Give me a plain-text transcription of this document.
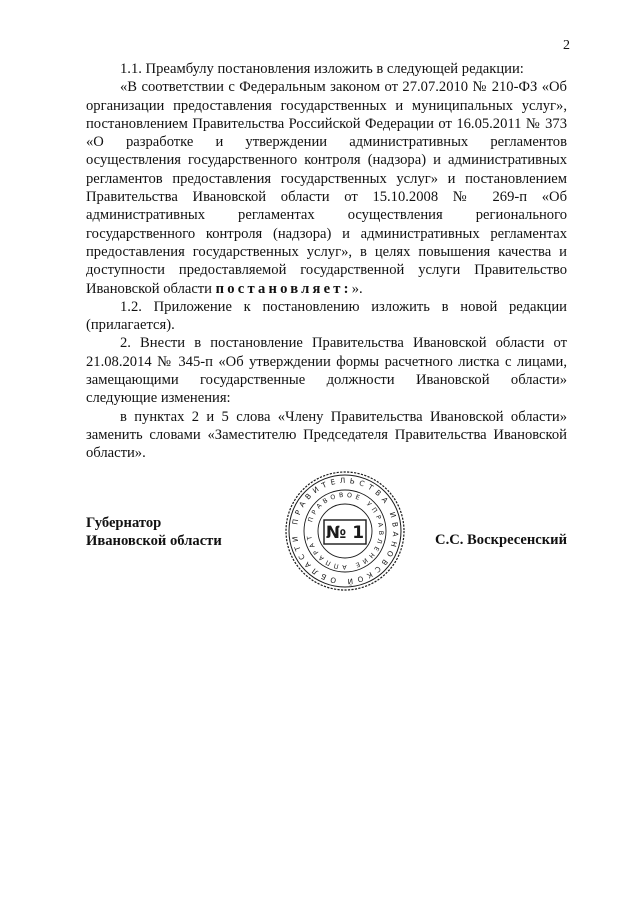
2

1.1. Преамбулу постановления изложить в следующей редакции:

«В соответствии с Федеральным законом от 27.07.2010 № 210-ФЗ «Об организации предоставления государственных и муниципальных услуг», постановлением Правительства Российской Федерации от 16.05.2011 № 373 «О разработке и утверждении административных регламентов осуществления государственного контроля (надзора) и административных регламентов предоставления государственных услуг» и постановлением Правительства Ивановской области от 15.10.2008 № 269-п «Об административных регламентах осуществления регионального государственного контроля (надзора) и административных регламентах предоставления государственных услуг», в целях повышения качества и доступности предоставляемой государственной услуги Правительство Ивановской области постановляет:».

1.2. Приложение к постановлению изложить в новой редакции (прилагается).

2. Внести в постановление Правительства Ивановской области от 21.08.2014 № 345-п «Об утверждении формы расчетного листка с лицами, замещающими государственные должности Ивановской области» следующие изменения:

в пунктах 2 и 5 слова «Члену Правительства Ивановской области» заменить словами «Заместителю Председателя Правительства Ивановской области».

Губернатор
Ивановской области	С.С. Воскресенский
ПРАВИТЕЛЬСТВА ИВАНОВСКОЙ ОБЛАСТИ
ПРАВОВОЕ УПРАВЛЕНИЕ АППАРАТ № 1
